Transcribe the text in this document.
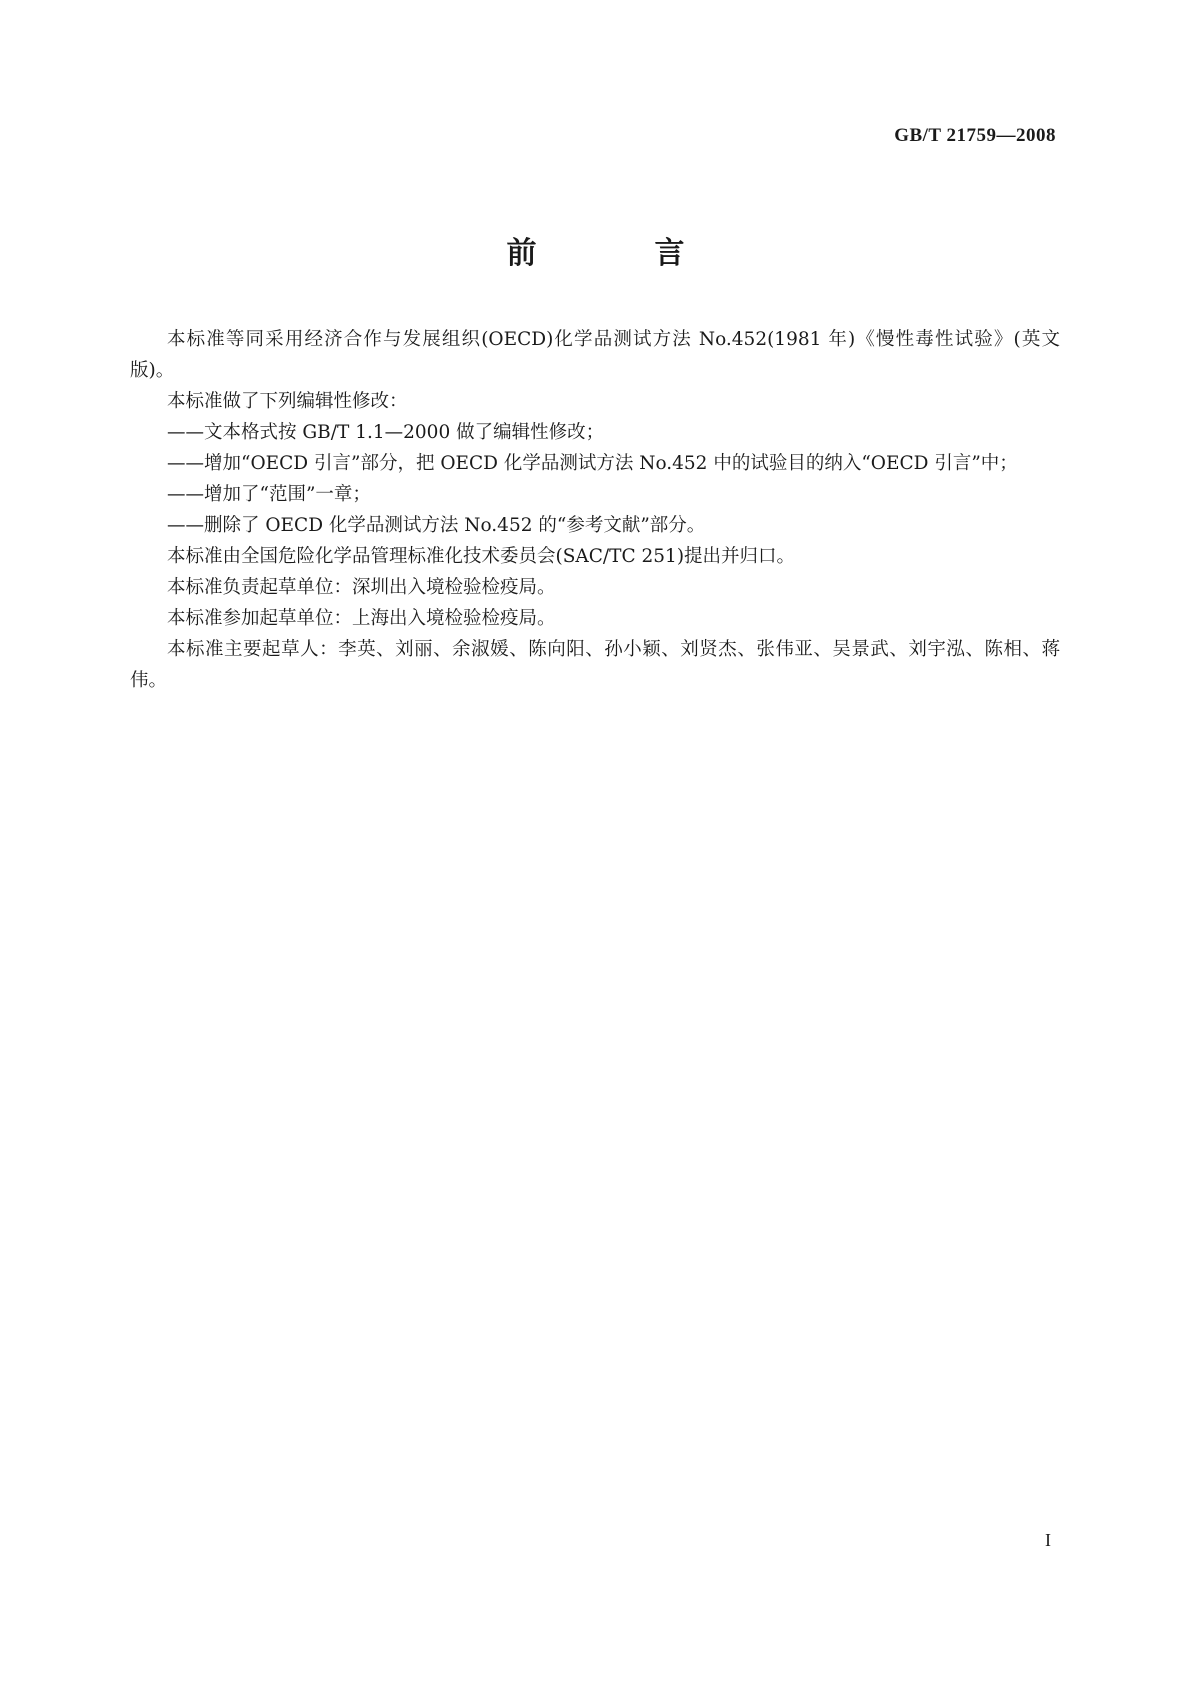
GB/T 21759—2008
前　言

本标准等同采用经济合作与发展组织(OECD)化学品测试方法 No.452(1981 年)《慢性毒性试验》(英文版)。

本标准做了下列编辑性修改：

——文本格式按 GB/T 1.1—2000 做了编辑性修改；

——增加“OECD 引言”部分，把 OECD 化学品测试方法 No.452 中的试验目的纳入“OECD 引言”中；

——增加了“范围”一章；

——删除了 OECD 化学品测试方法 No.452 的“参考文献”部分。

本标准由全国危险化学品管理标准化技术委员会(SAC/TC 251)提出并归口。

本标准负责起草单位：深圳出入境检验检疫局。

本标准参加起草单位：上海出入境检验检疫局。

本标准主要起草人：李英、刘丽、余淑媛、陈向阳、孙小颖、刘贤杰、张伟亚、吴景武、刘宇泓、陈相、蒋伟。

I
